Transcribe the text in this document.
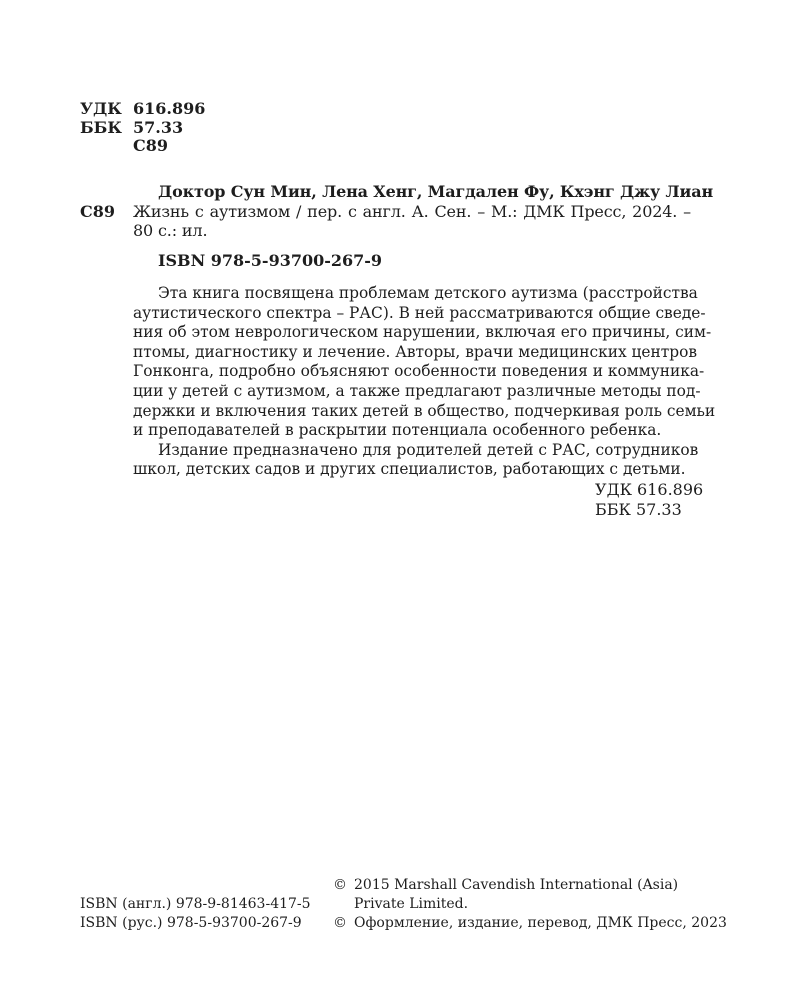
УДК 616.896
ББК 57.33
С89
Доктор Сун Мин, Лена Хенг, Магдален Фу, Кхэнг Джу Лиан
С89 Жизнь с аутизмом / пер. с англ. А. Сен. – М.: ДМК Пресс, 2024. –
80 с.: ил.
ISBN 978-5-93700-267-9
Эта книга посвящена проблемам детского аутизма (расстройства
аутистического спектра – РАС). В ней рассматриваются общие сведе-
ния об этом неврологическом нарушении, включая его причины, сим-
птомы, диагностику и лечение. Авторы, врачи медицинских центров
Гонконга, подробно объясняют особенности поведения и коммуника-
ции у детей с аутизмом, а также предлагают различные методы под-
держки и включения таких детей в общество, подчеркивая роль семьи
и преподавателей в раскрытии потенциала особенного ребенка.
Издание предназначено для родителей детей с РАС, сотрудников
школ, детских садов и других специалистов, работающих с детьми.
УДК 616.896
ББК 57.33
ISBN (англ.) 978-9-81463-417-5
ISBN (рус.) 978-5-93700-267-9
© 2015 Marshall Cavendish International (Asia)
Private Limited.
© Оформление, издание, перевод, ДМК Пресс, 2023
